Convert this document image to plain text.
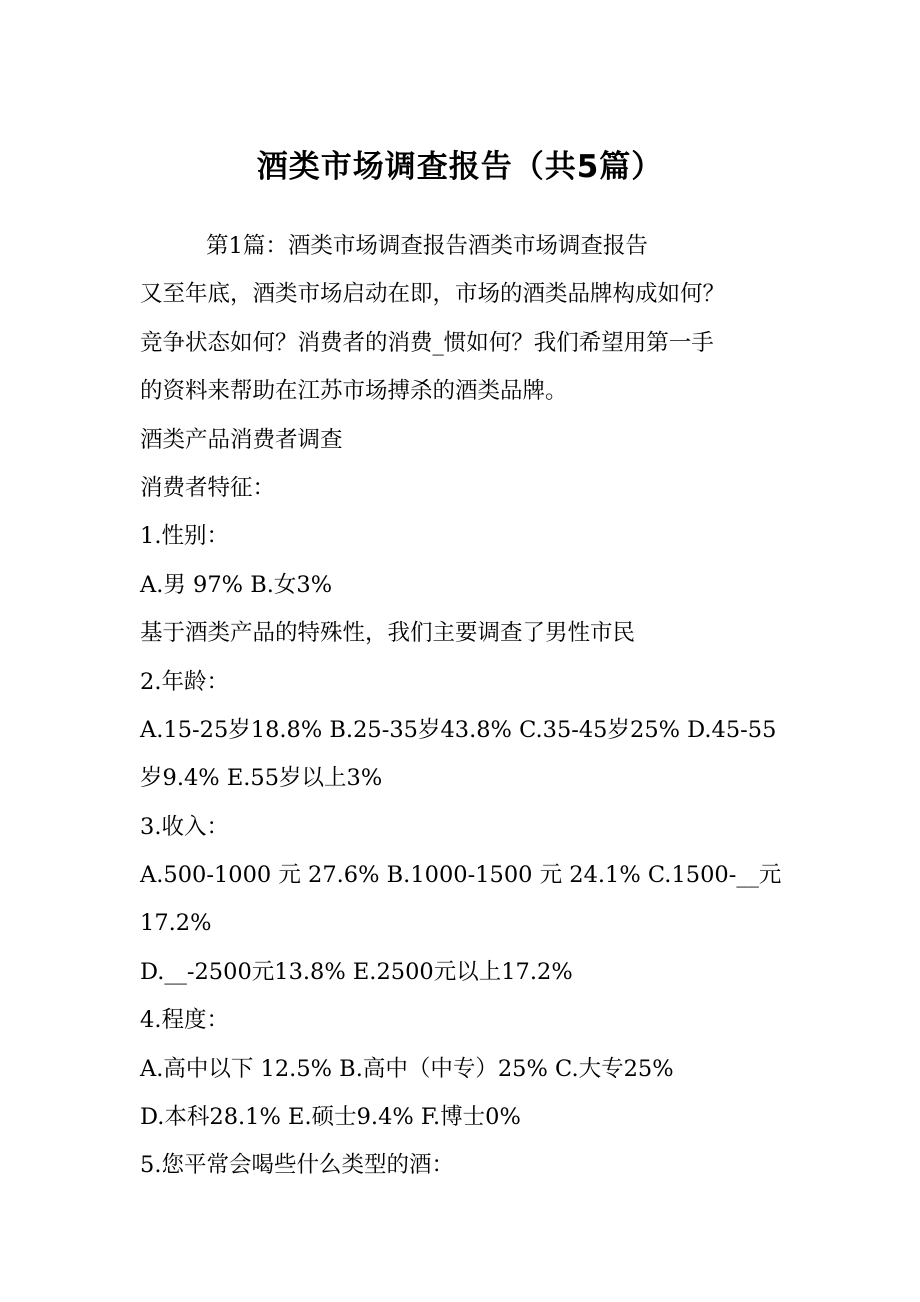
酒类市场调查报告（共5篇）
第1篇：酒类市场调查报告酒类市场调查报告
又至年底，酒类市场启动在即，市场的酒类品牌构成如何？
竞争状态如何？消费者的消费_惯如何？我们希望用第一手
的资料来帮助在江苏市场搏杀的酒类品牌。
酒类产品消费者调查
消费者特征：
1.性别：
A.男 97% B.女3%
基于酒类产品的特殊性，我们主要调查了男性市民
2.年龄：
A.15-25岁18.8% B.25-35岁43.8% C.35-45岁25% D.45-55
岁9.4% E.55岁以上3%
3.收入：
A.500-1000 元 27.6% B.1000-1500 元 24.1% C.1500-__元
17.2%
D.__-2500元13.8% E.2500元以上17.2%
4.程度：
A.高中以下 12.5% B.高中（中专）25% C.大专25%
D.本科28.1% E.硕士9.4% F.博士0%
5.您平常会喝些什么类型的酒：
